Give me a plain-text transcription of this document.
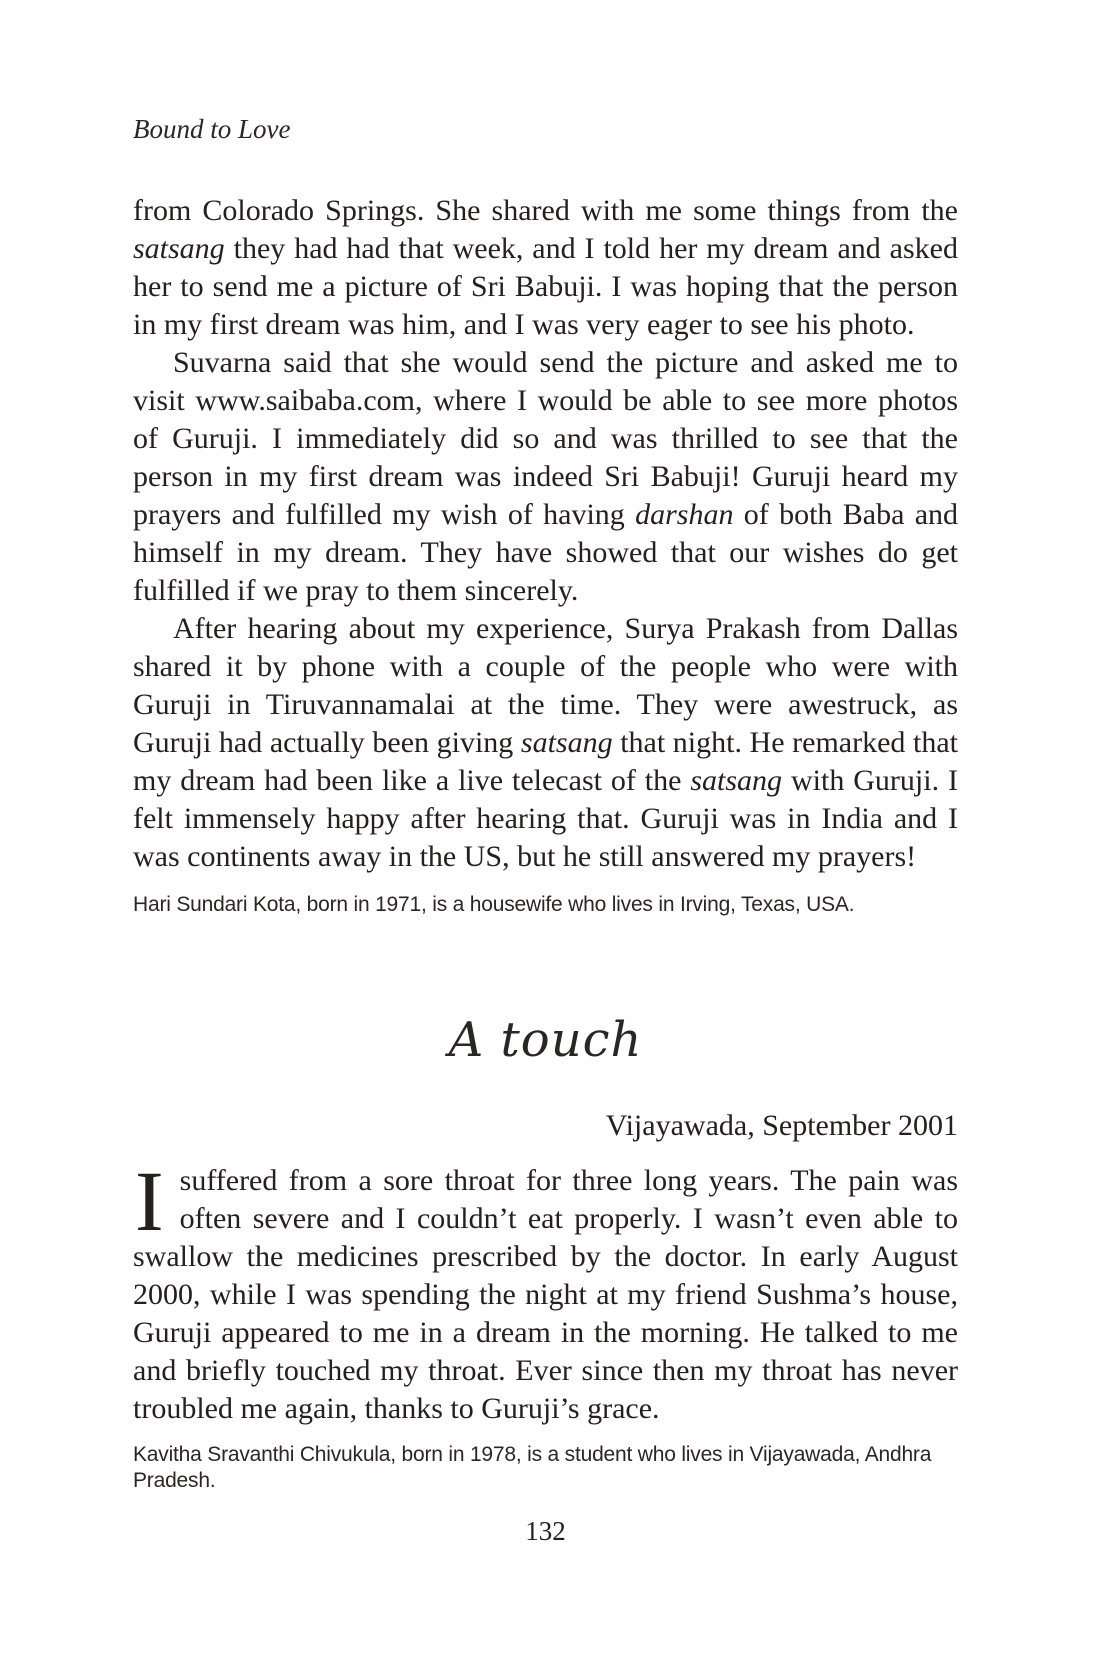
Bound to Love

from Colorado Springs. She shared with me some things from the satsang they had had that week, and I told her my dream and asked her to send me a picture of Sri Babuji. I was hoping that the person in my first dream was him, and I was very eager to see his photo.

Suvarna said that she would send the picture and asked me to visit www.saibaba.com, where I would be able to see more photos of Guruji. I immediately did so and was thrilled to see that the person in my first dream was indeed Sri Babuji! Guruji heard my prayers and fulfilled my wish of having darshan of both Baba and himself in my dream. They have showed that our wishes do get fulfilled if we pray to them sincerely.

After hearing about my experience, Surya Prakash from Dallas shared it by phone with a couple of the people who were with Guruji in Tiruvannamalai at the time. They were awestruck, as Guruji had actually been giving satsang that night. He remarked that my dream had been like a live telecast of the satsang with Guruji. I felt immensely happy after hearing that. Guruji was in India and I was continents away in the US, but he still answered my prayers!

Hari Sundari Kota, born in 1971, is a housewife who lives in Irving, Texas, USA.
A touch
Vijayawada, September 2001

Isuffered from a sore throat for three long years. The pain was often severe and I couldn’t eat properly. I wasn’t even able to swallow the medicines prescribed by the doctor. In early August 2000, while I was spending the night at my friend Sushma’s house, Guruji appeared to me in a dream in the morning. He talked to me and briefly touched my throat. Ever since then my throat has never troubled me again, thanks to Guruji’s grace.

Kavitha Sravanthi Chivukula, born in 1978, is a student who lives in Vijayawada, Andhra Pradesh.
132
